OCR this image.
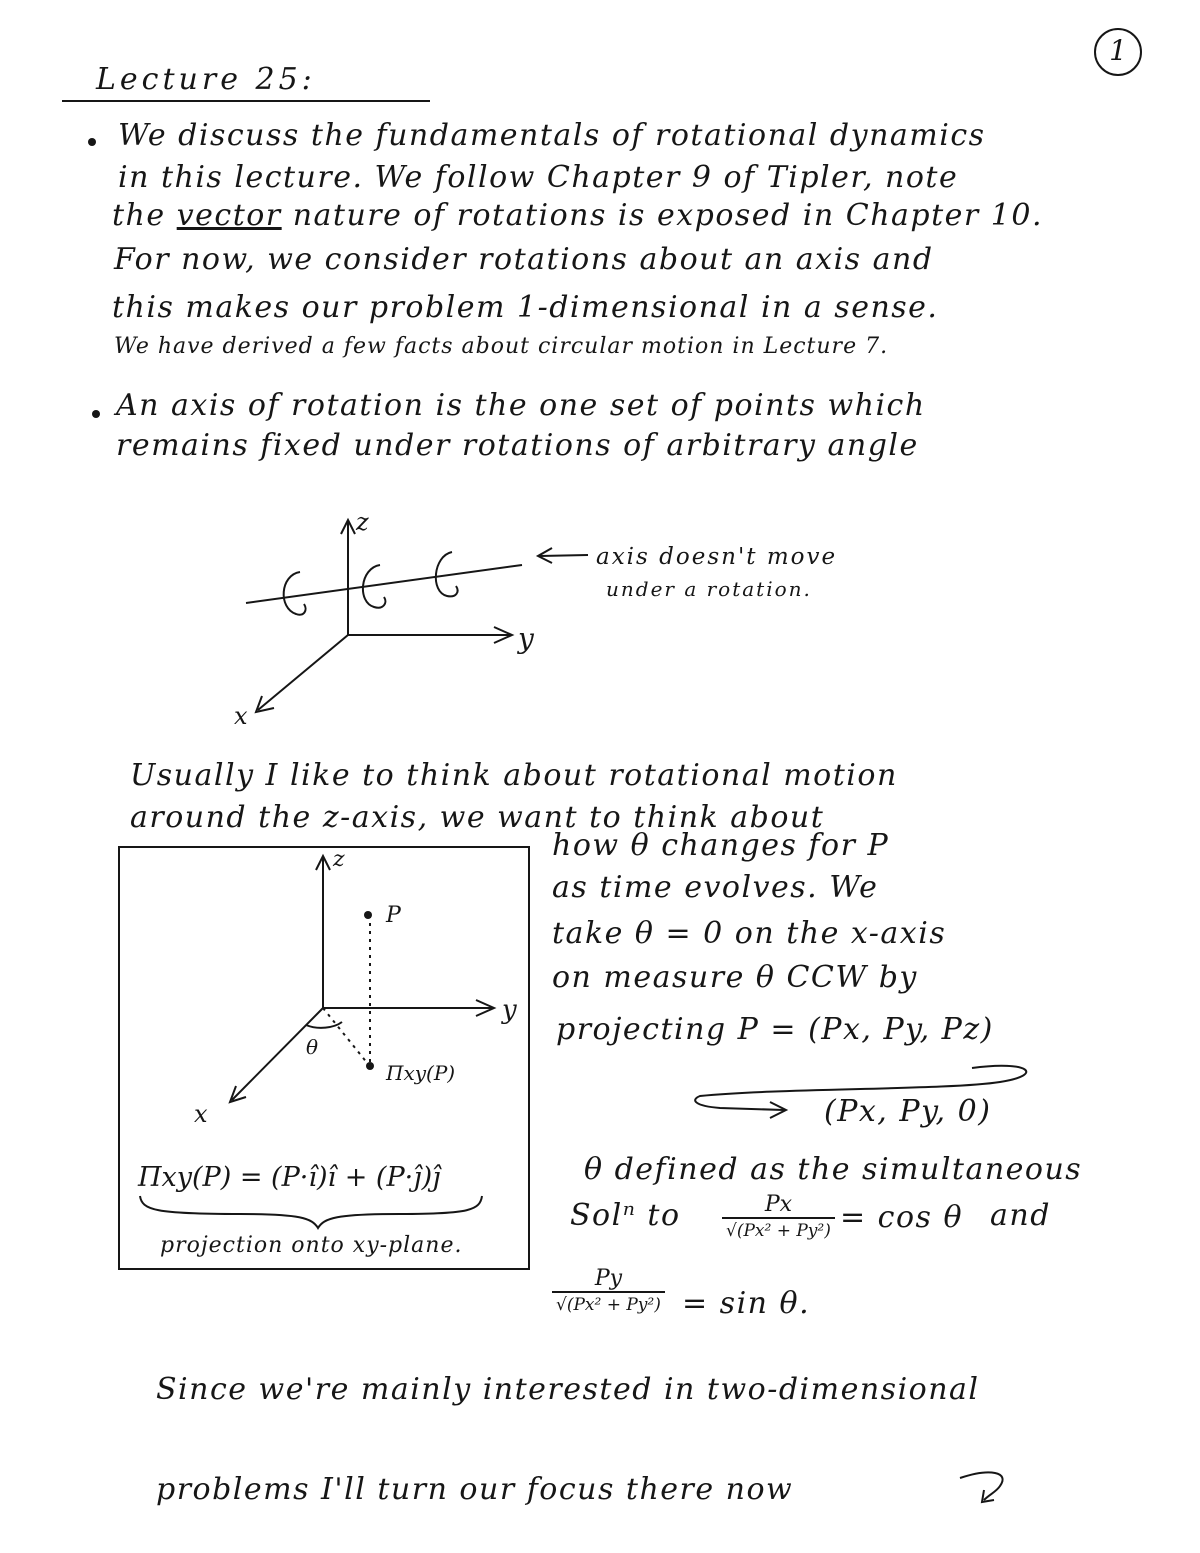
1
Lecture 25:
We discuss the fundamentals of rotational dynamics
in this lecture. We follow Chapter 9 of Tipler, note
the vector nature of rotations is exposed in Chapter 10.
For now, we consider rotations about an axis and
this makes our problem 1-dimensional in a sense.
We have derived a few facts about circular motion in Lecture 7.
An axis of rotation is the one set of points which
remains fixed under rotations of arbitrary angle
z
y
x
axis doesn't move
under a rotation.
Usually I like to think about rotational motion
around the z-axis, we want to think about
z
y
x
P
Πxy(P)
θ
Πxy(P) = (P·î)î + (P·ĵ)ĵ
projection onto xy-plane.
how θ changes for P
as time evolves. We
take θ = 0 on the x-axis
on measure θ CCW by
projecting P = (Px, Py, Pz)
(Px, Py, 0)
θ defined as the simultaneous
Solⁿ to	Px
√(Px² + Py²) = cos θ and
Py
√(Px² + Py²) = sin θ.
Since we're mainly interested in two-dimensional
problems I'll turn our focus there now
